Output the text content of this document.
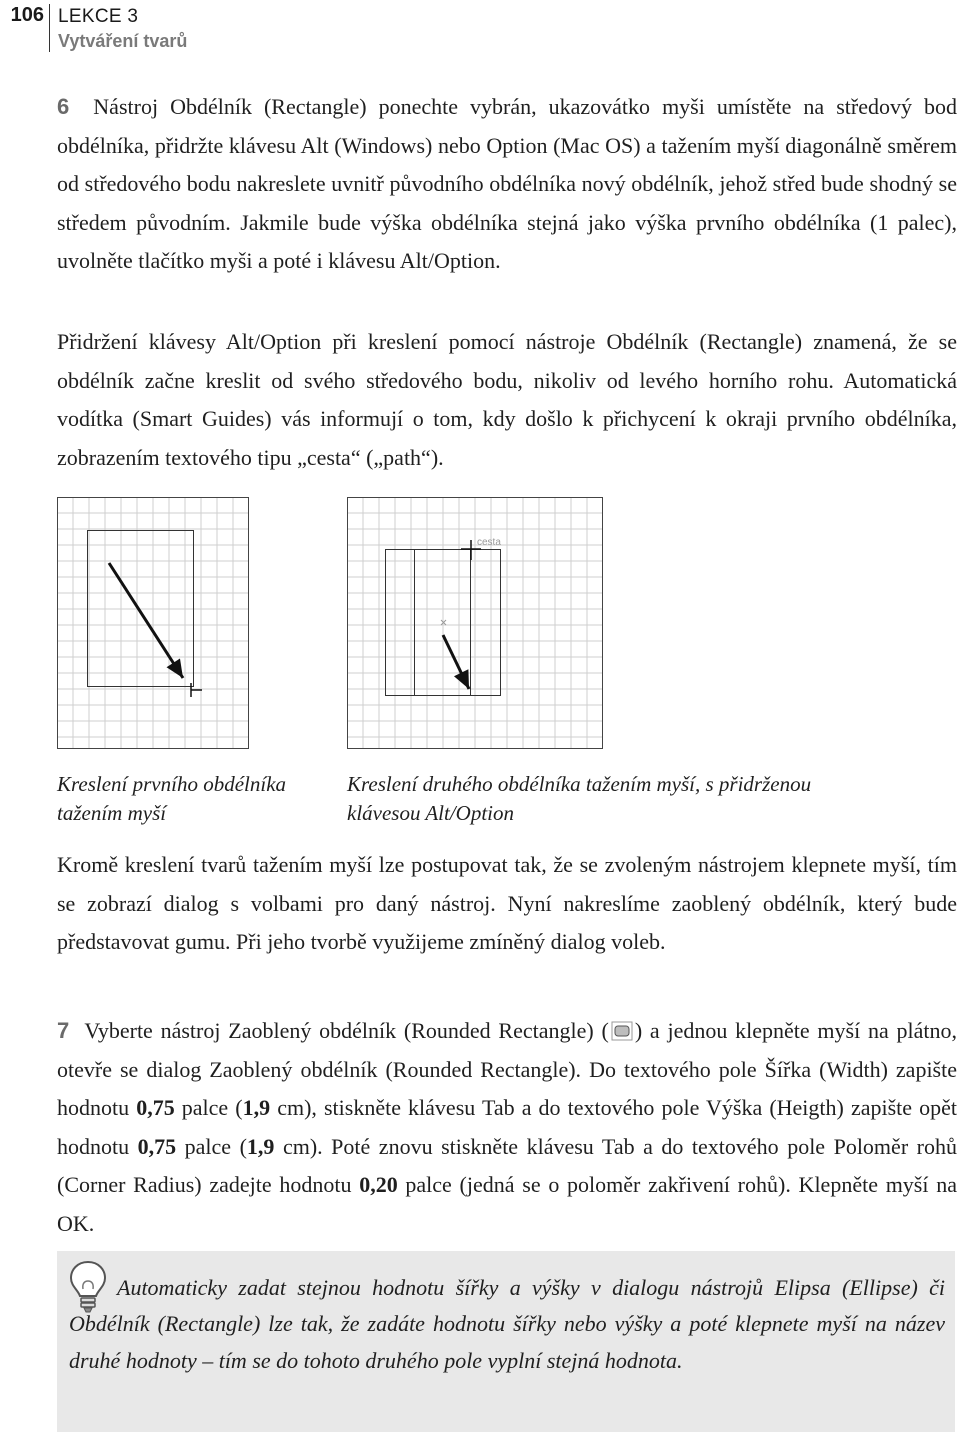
106 LEKCE 3
Vytváření tvarů

6 Nástroj Obdélník (Rectangle) ponechte vybrán, ukazovátko myši umístěte na středový bod obdélníka, přidržte klávesu Alt (Windows) nebo Option (Mac OS) a tažením myší diagonálně směrem od středového bodu nakreslete uvnitř původního obdélníka nový obdélník, jehož střed bude shodný se středem původním. Jakmile bude výška obdélníka stejná jako výška prvního obdélníka (1 palec), uvolněte tlačítko myši a poté i klávesu Alt/Option.

Přidržení klávesy Alt/Option při kreslení pomocí nástroje Obdélník (Rectangle) znamená, že se obdélník začne kreslit od svého středového bodu, nikoliv od levého horního rohu. Automatická vodítka (Smart Guides) vás informují o tom, kdy došlo k přichycení k okraji prvního obdélníka, zobrazením textového tipu „cesta“ („path“).

cesta

Kreslení prvního obdélníka tažením myší

Kreslení druhého obdélníka tažením myší, s přidrženou klávesou Alt/Option

Kromě kreslení tvarů tažením myší lze postupovat tak, že se zvoleným nástrojem klepnete myší, tím se zobrazí dialog s volbami pro daný nástroj. Nyní nakreslíme zaoblený obdélník, který bude představovat gumu. Při jeho tvorbě využijeme zmíněný dialog voleb.

7 Vyberte nástroj Zaoblený obdélník (Rounded Rectangle) ( ) a jednou klepněte myší na plátno, otevře se dialog Zaoblený obdélník (Rounded Rectangle). Do textového pole Šířka (Width) zapište hodnotu 0,75 palce (1,9 cm), stiskněte klávesu Tab a do textového pole Výška (Heigth) zapište opět hodnotu 0,75 palce (1,9 cm). Poté znovu stiskněte klávesu Tab a do textového pole Poloměr rohů (Corner Radius) zadejte hodnotu 0,20 palce (jedná se o poloměr zakřivení rohů). Klepněte myší na OK.

Automaticky zadat stejnou hodnotu šířky a výšky v dialogu nástrojů Elipsa (Ellipse) či Obdélník (Rectangle) lze tak, že zadáte hodnotu šířky nebo výšky a poté klepnete myší na název druhé hodnoty – tím se do tohoto druhého pole vyplní stejná hodnota.
